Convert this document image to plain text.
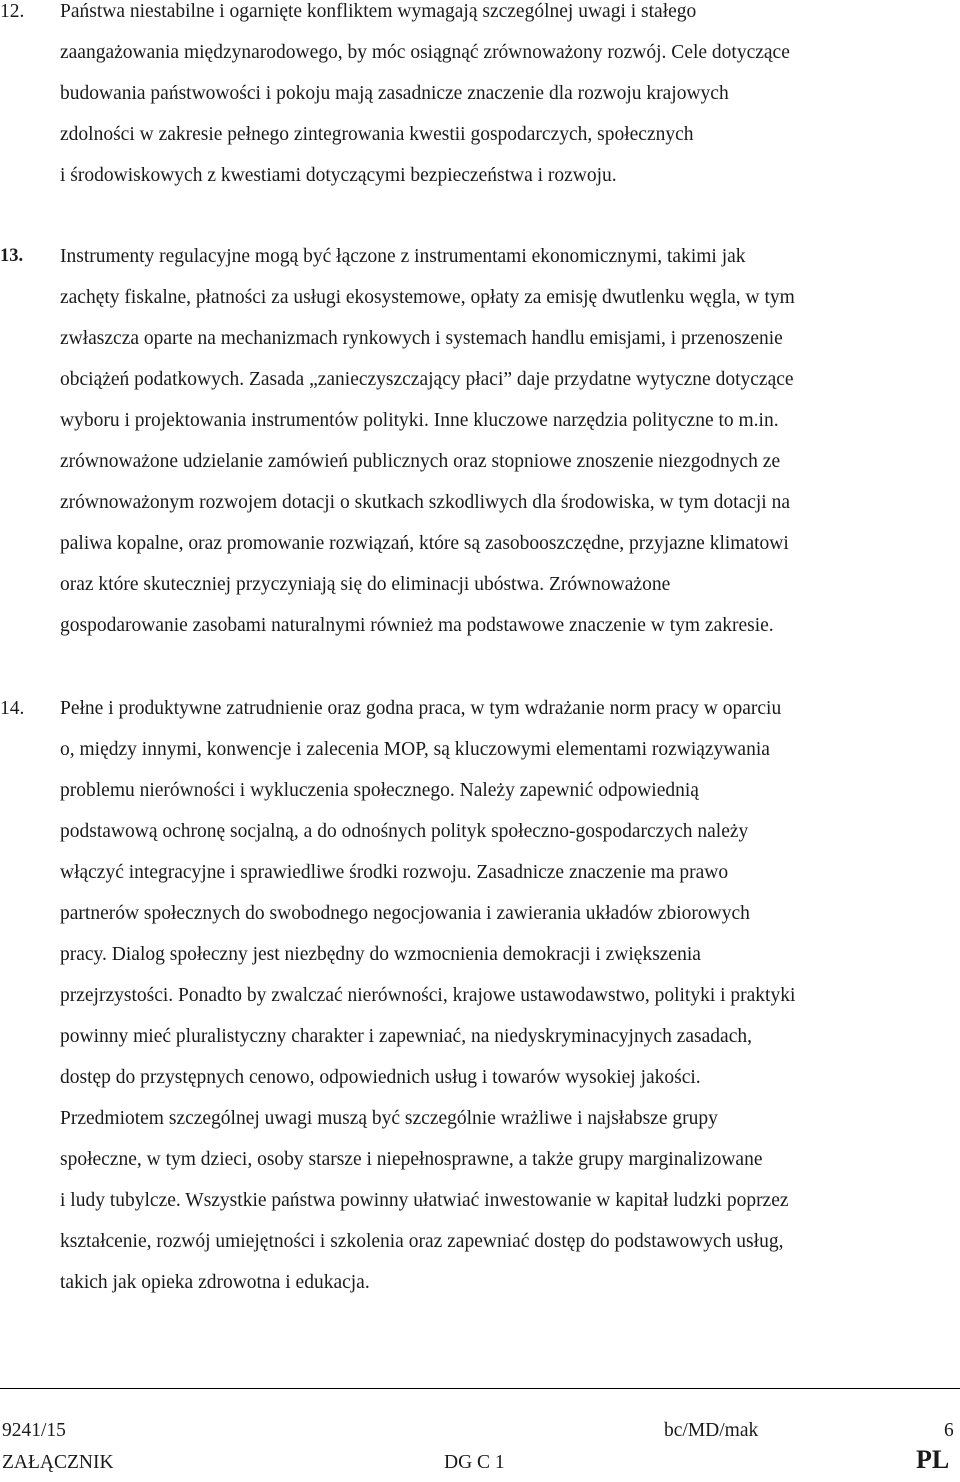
12. Państwa niestabilne i ogarnięte konfliktem wymagają szczególnej uwagi i stałego
zaangażowania międzynarodowego, by móc osiągnąć zrównoważony rozwój. Cele dotyczące
budowania państwowości i pokoju mają zasadnicze znaczenie dla rozwoju krajowych
zdolności w zakresie pełnego zintegrowania kwestii gospodarczych, społecznych
i środowiskowych z kwestiami dotyczącymi bezpieczeństwa i rozwoju.
13. Instrumenty regulacyjne mogą być łączone z instrumentami ekonomicznymi, takimi jak
zachęty fiskalne, płatności za usługi ekosystemowe, opłaty za emisję dwutlenku węgla, w tym
zwłaszcza oparte na mechanizmach rynkowych i systemach handlu emisjami, i przenoszenie
obciążeń podatkowych. Zasada „zanieczyszczający płaci” daje przydatne wytyczne dotyczące
wyboru i projektowania instrumentów polityki. Inne kluczowe narzędzia polityczne to m.in.
zrównoważone udzielanie zamówień publicznych oraz stopniowe znoszenie niezgodnych ze
zrównoważonym rozwojem dotacji o skutkach szkodliwych dla środowiska, w tym dotacji na
paliwa kopalne, oraz promowanie rozwiązań, które są zasobooszczędne, przyjazne klimatowi
oraz które skuteczniej przyczyniają się do eliminacji ubóstwa. Zrównoważone
gospodarowanie zasobami naturalnymi również ma podstawowe znaczenie w tym zakresie.
14. Pełne i produktywne zatrudnienie oraz godna praca, w tym wdrażanie norm pracy w oparciu
o, między innymi, konwencje i zalecenia MOP, są kluczowymi elementami rozwiązywania
problemu nierówności i wykluczenia społecznego. Należy zapewnić odpowiednią
podstawową ochronę socjalną, a do odnośnych polityk społeczno-gospodarczych należy
włączyć integracyjne i sprawiedliwe środki rozwoju. Zasadnicze znaczenie ma prawo
partnerów społecznych do swobodnego negocjowania i zawierania układów zbiorowych
pracy. Dialog społeczny jest niezbędny do wzmocnienia demokracji i zwiększenia
przejrzystości. Ponadto by zwalczać nierówności, krajowe ustawodawstwo, polityki i praktyki
powinny mieć pluralistyczny charakter i zapewniać, na niedyskryminacyjnych zasadach,
dostęp do przystępnych cenowo, odpowiednich usług i towarów wysokiej jakości.
Przedmiotem szczególnej uwagi muszą być szczególnie wrażliwe i najsłabsze grupy
społeczne, w tym dzieci, osoby starsze i niepełnosprawne, a także grupy marginalizowane
i ludy tubylcze. Wszystkie państwa powinny ułatwiać inwestowanie w kapitał ludzki poprzez
kształcenie, rozwój umiejętności i szkolenia oraz zapewniać dostęp do podstawowych usług,
takich jak opieka zdrowotna i edukacja.
9241/15	bc/MD/mak	6
ZAŁĄCZNIK	DG C 1	PL
